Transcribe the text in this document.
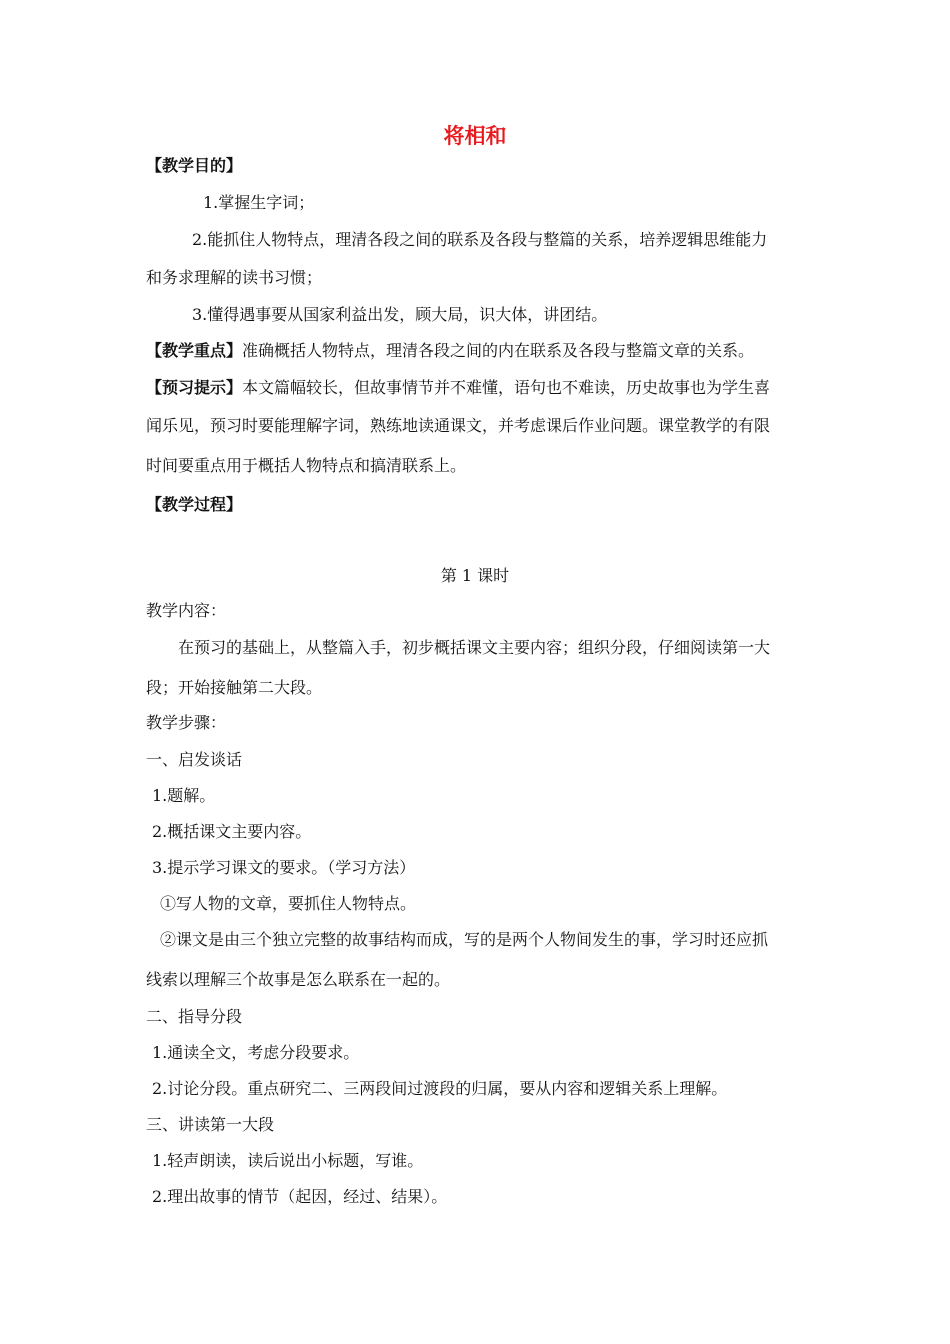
将相和
【教学目的】
1.掌握生字词；
2.能抓住人物特点，理清各段之间的联系及各段与整篇的关系，培养逻辑思维能力
和务求理解的读书习惯；
3.懂得遇事要从国家利益出发，顾大局，识大体，讲团结。
【教学重点】准确概括人物特点，理清各段之间的内在联系及各段与整篇文章的关系。
【预习提示】本文篇幅较长，但故事情节并不难懂，语句也不难读，历史故事也为学生喜
闻乐见，预习时要能理解字词，熟练地读通课文，并考虑课后作业问题。课堂教学的有限
时间要重点用于概括人物特点和搞清联系上。
【教学过程】
第 1 课时
教学内容：
在预习的基础上，从整篇入手，初步概括课文主要内容；组织分段，仔细阅读第一大
段；开始接触第二大段。
教学步骤：
一、启发谈话
1.题解。
2.概括课文主要内容。
3.提示学习课文的要求。（学习方法）
①写人物的文章，要抓住人物特点。
②课文是由三个独立完整的故事结构而成，写的是两个人物间发生的事，学习时还应抓
线索以理解三个故事是怎么联系在一起的。
二、指导分段
1.通读全文，考虑分段要求。
2.讨论分段。重点研究二、三两段间过渡段的归属，要从内容和逻辑关系上理解。
三、讲读第一大段
1.轻声朗读，读后说出小标题，写谁。
2.理出故事的情节（起因，经过、结果）。
